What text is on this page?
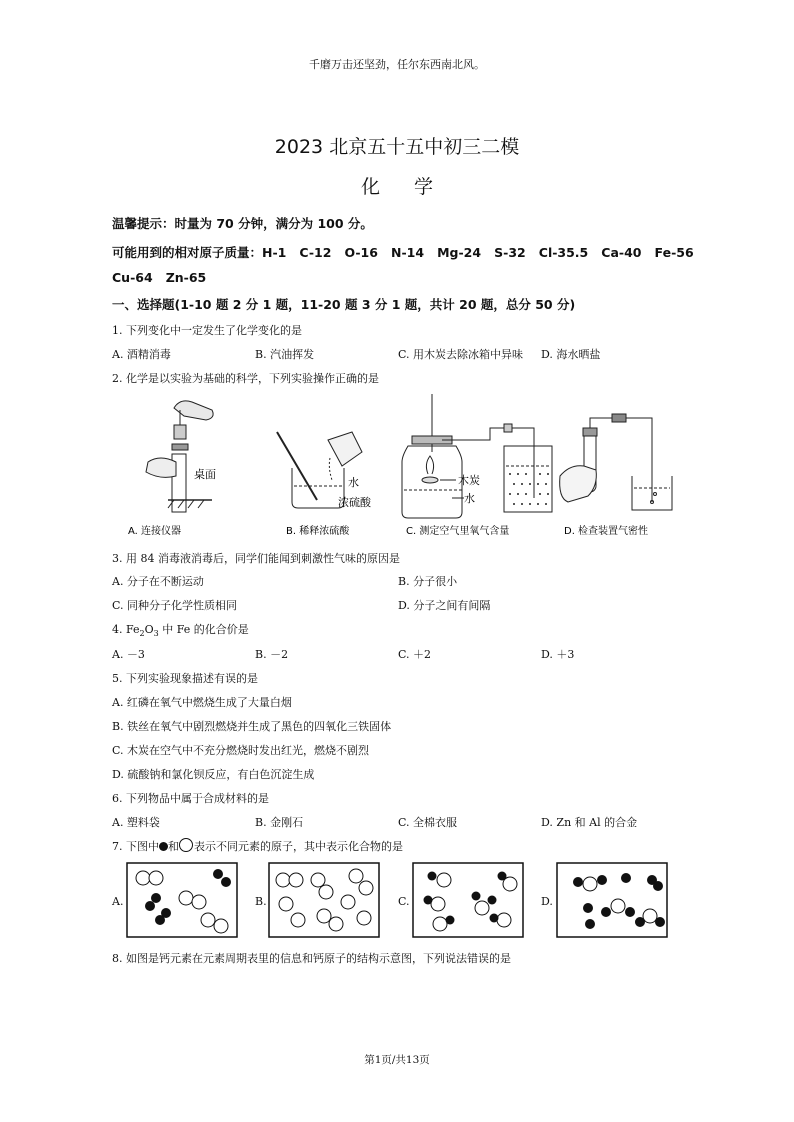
千磨万击还坚劲，任尔东西南北风。
2023 北京五十五中初三二模
化学
温馨提示：时量为 70 分钟，满分为 100 分。
可能用到的相对原子质量：H-1   C-12   O-16   N-14   Mg-24   S-32   Cl-35.5   Ca-40   Fe-56
Cu-64   Zn-65
一、选择题(1-10 题 2 分 1 题，11-20 题 3 分 1 题，共计 20 题，总分 50 分)
1. 下列变化中一定发生了化学变化的是
A. 酒精消毒	B. 汽油挥发	C. 用木炭去除冰箱中异味 D. 海水晒盐
2. 化学是以实验为基础的科学，下列实验操作正确的是
桌面
水
浓硫酸
木炭
水
A. 连接仪器	B. 稀释浓硫酸	C. 测定空气里氧气含量	D. 检查装置气密性
3. 用 84 消毒液消毒后，同学们能闻到刺激性气味的原因是
A. 分子在不断运动	B. 分子很小
C. 同种分子化学性质相同	D. 分子之间有间隔
4. $Fe_2O_3$ 中 Fe 的化合价是
A. －3	B. －2	C. ＋2	D. ＋3
5. 下列实验现象描述有误的是
A. 红磷在氧气中燃烧生成了大量白烟
B. 铁丝在氧气中剧烈燃烧并生成了黑色的四氧化三铁固体
C. 木炭在空气中不充分燃烧时发出红光，燃烧不剧烈
D. 硫酸钠和氯化钡反应，有白色沉淀生成
6. 下列物品中属于合成材料的是
A. 塑料袋	B. 金刚石	C. 全棉衣服	D. Zn 和 Al 的合金
7. 下图中 和 表示不同元素的原子，其中表示化合物的是
A.	B.	C.	D.
8. 如图是钙元素在元素周期表里的信息和钙原子的结构示意图，下列说法错误的是
第1页/共13页
